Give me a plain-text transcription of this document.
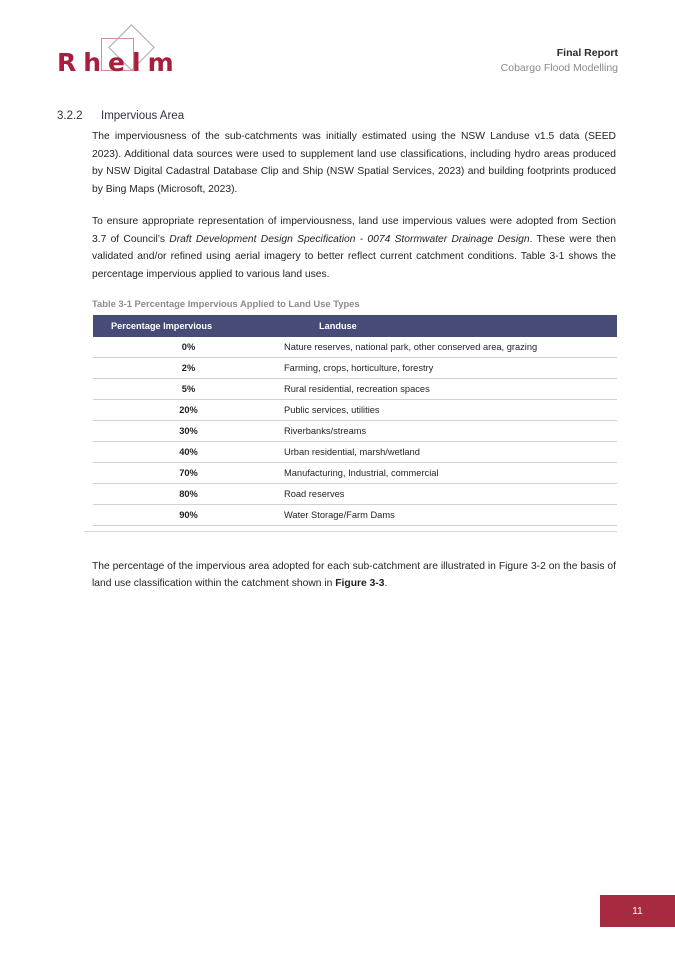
Rhelm	Final Report
Cobargo Flood Modelling
3.2.2 Impervious Area

The imperviousness of the sub-catchments was initially estimated using the NSW Landuse v1.5 data (SEED 2023). Additional data sources were used to supplement land use classifications, including hydro areas produced by NSW Digital Cadastral Database Clip and Ship (NSW Spatial Services, 2023) and building footprints produced by Bing Maps (Microsoft, 2023).

To ensure appropriate representation of imperviousness, land use impervious values were adopted from Section 3.7 of Council’s Draft Development Design Specification - 0074 Stormwater Drainage Design. These were then validated and/or refined using aerial imagery to better reflect current catchment conditions. Table 3-1 shows the percentage impervious applied to various land uses.

Table 3-1 Percentage Impervious Applied to Land Use Types
Percentage Impervious	Landuse
0%	Nature reserves, national park, other conserved area, grazing
2%	Farming, crops, horticulture, forestry
5%	Rural residential, recreation spaces
20%	Public services, utilities
30%	Riverbanks/streams
40%	Urban residential, marsh/wetland
70%	Manufacturing, Industrial, commercial
80%	Road reserves
90%	Water Storage/Farm Dams

The percentage of the impervious area adopted for each sub-catchment are illustrated in Figure 3-2 on the basis of land use classification within the catchment shown in Figure 3-3.

11
